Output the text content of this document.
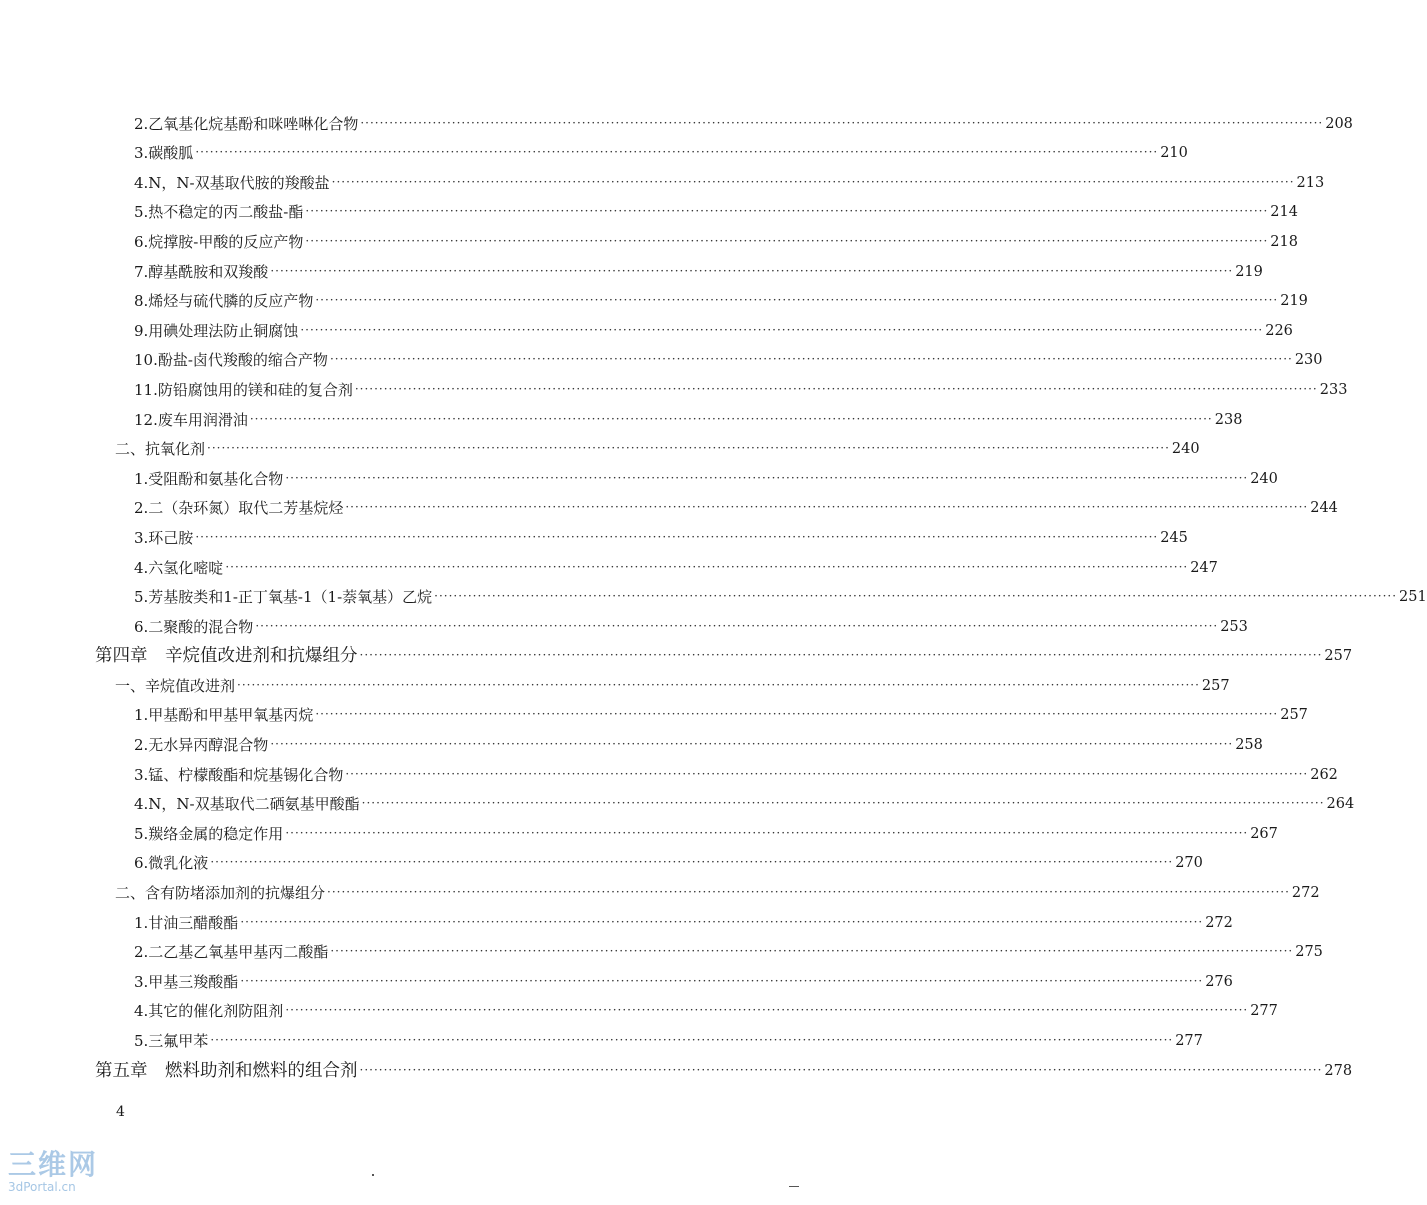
2.乙氧基化烷基酚和咪唑啉化合物 ········································································································································································································ 208
3.碳酸胍 ········································································································································································································ 210
4.N，N-双基取代胺的羧酸盐 ········································································································································································································ 213
5.热不稳定的丙二酸盐-酯 ········································································································································································································ 214
6.烷撑胺-甲酸的反应产物 ········································································································································································································ 218
7.醇基酰胺和双羧酸 ········································································································································································································ 219
8.烯烃与硫代膦的反应产物 ········································································································································································································ 219
9.用碘处理法防止铜腐蚀 ········································································································································································································ 226
10.酚盐-卤代羧酸的缩合产物 ········································································································································································································ 230
11.防铅腐蚀用的镁和硅的复合剂 ········································································································································································································ 233
12.废车用润滑油 ········································································································································································································ 238
二、抗氧化剂 ········································································································································································································ 240
1.受阻酚和氨基化合物 ········································································································································································································ 240
2.二（杂环氮）取代二芳基烷烃 ········································································································································································································ 244
3.环己胺 ········································································································································································································ 245
4.六氢化嘧啶 ········································································································································································································ 247
5.芳基胺类和1-正丁氧基-1（1-萘氧基）乙烷 ········································································································································································································ 251
6.二聚酸的混合物 ········································································································································································································ 253
第四章　辛烷值改进剂和抗爆组分 ········································································································································································································ 257
一、辛烷值改进剂 ········································································································································································································ 257
1.甲基酚和甲基甲氧基丙烷 ········································································································································································································ 257
2.无水异丙醇混合物 ········································································································································································································ 258
3.锰、柠檬酸酯和烷基锡化合物 ········································································································································································································ 262
4.N，N-双基取代二硒氨基甲酸酯 ········································································································································································································ 264
5.羰络金属的稳定作用 ········································································································································································································ 267
6.微乳化液 ········································································································································································································ 270
二、含有防堵添加剂的抗爆组分 ········································································································································································································ 272
1.甘油三醋酸酯 ········································································································································································································ 272
2.二乙基乙氧基甲基丙二酸酯 ········································································································································································································ 275
3.甲基三羧酸酯 ········································································································································································································ 276
4.其它的催化剂防阻剂 ········································································································································································································ 277
5.三氟甲苯 ········································································································································································································ 277
第五章　燃料助剂和燃料的组合剂 ········································································································································································································ 278
4
三维网
3dPortal.cn
